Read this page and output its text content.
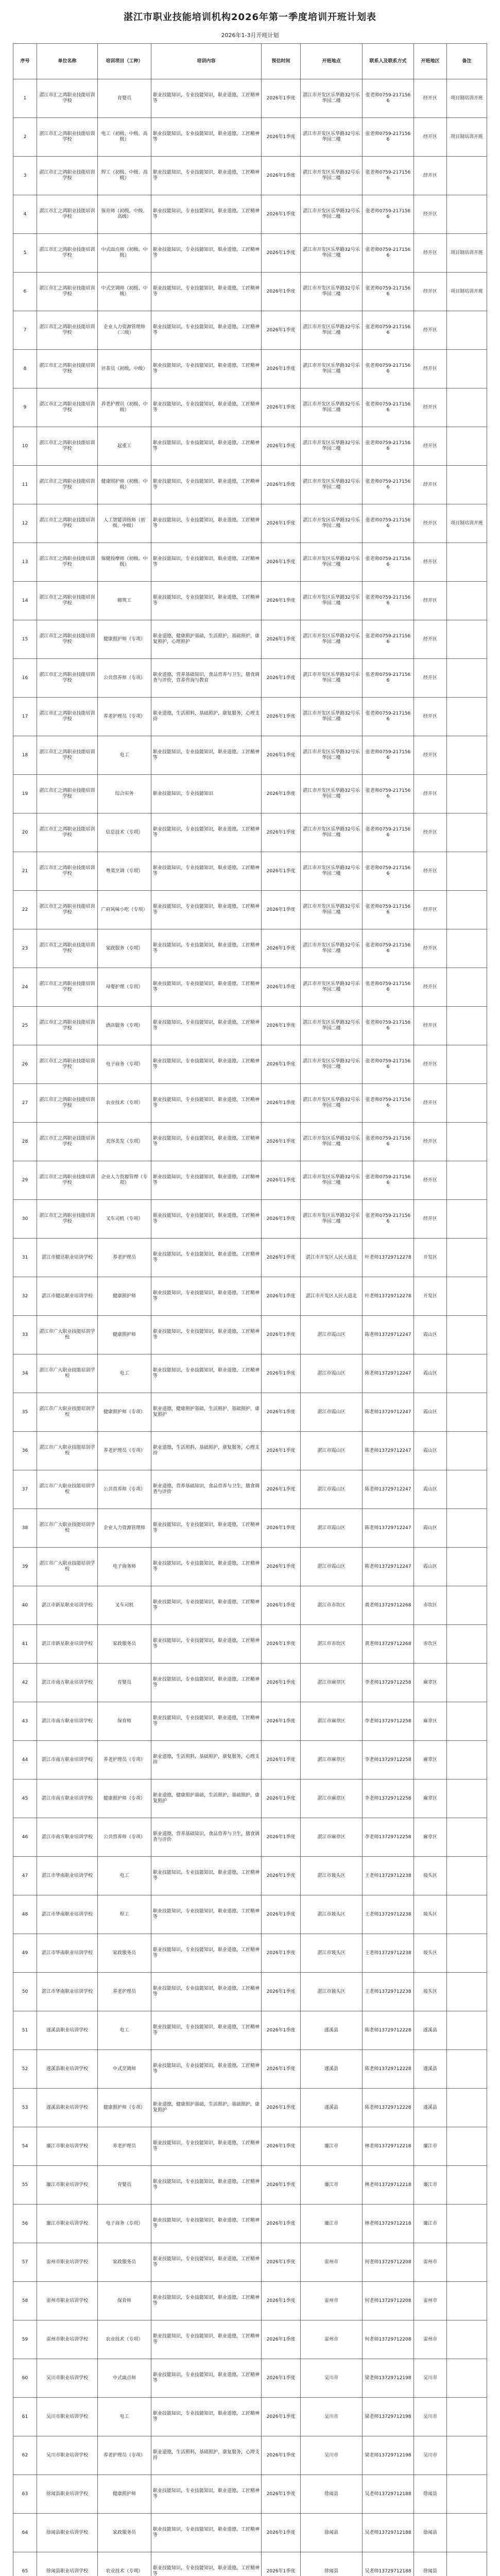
湛江市职业技能培训机构2026年第一季度培训开班计划表
2026年1-3月开班计划
序号	单位名称	培训项目（工种）	培训内容	预估时间	开班地点	联系人及联系方式	开班地区	备注
1	湛江市汇之鸿职业技能培训学校	育婴员	职业技能知识，专业技能知识，职业道德，工匠精神等	2026年1季度	湛江市开发区乐华路32号乐华园二楼	张老师0759-2171566	经开区	项目制培训开班
2	湛江市汇之鸿职业技能培训学校	电工（初级、中级、高级）	职业技能知识，专业技能知识，职业道德，工匠精神等	2026年1季度	湛江市开发区乐华路32号乐华园二楼	张老师0759-2171566	经开区	项目制培训开班
3	湛江市汇之鸿职业技能培训学校	焊工（初级、中级、高级）	职业技能知识，专业技能知识，职业道德，工匠精神等	2026年1季度	湛江市开发区乐华路32号乐华园二楼	张老师0759-2171566	经开区	
4	湛江市汇之鸿职业技能培训学校	保育师（初级、中级、高级）	职业技能知识，专业技能知识，职业道德，工匠精神等	2026年1季度	湛江市开发区乐华路32号乐华园二楼	张老师0759-2171566	经开区	
5	湛江市汇之鸿职业技能培训学校	中式面点师（初级、中级）	职业技能知识，专业技能知识，职业道德，工匠精神等	2026年1季度	湛江市开发区乐华路32号乐华园二楼	张老师0759-2171566	经开区	项目制培训开班
6	湛江市汇之鸿职业技能培训学校	中式烹调师（初级、中级）	职业技能知识，专业技能知识，职业道德，工匠精神等	2026年1季度	湛江市开发区乐华路32号乐华园二楼	张老师0759-2171566	经开区	项目制培训开班
7	湛江市汇之鸿职业技能培训学校	企业人力资源管理师（三级）	职业技能知识，专业技能知识，职业道德，工匠精神等	2026年1季度	湛江市开发区乐华路32号乐华园二楼	张老师0759-2171566	经开区	
8	湛江市汇之鸿职业技能培训学校	评茶员（初级、中级）	职业技能知识，专业技能知识，职业道德，工匠精神等	2026年1季度	湛江市开发区乐华路32号乐华园二楼	张老师0759-2171566	经开区	
9	湛江市汇之鸿职业技能培训学校	养老护理员（初级、中级）	职业技能知识，专业技能知识，职业道德，工匠精神等	2026年1季度	湛江市开发区乐华路32号乐华园二楼	张老师0759-2171566	经开区	
10	湛江市汇之鸿职业技能培训学校	起重工	职业技能知识，专业技能知识，职业道德，工匠精神等	2026年1季度	湛江市开发区乐华路32号乐华园二楼	张老师0759-2171566	经开区	
11	湛江市汇之鸿职业技能培训学校	健康照护师（初级、中级）	职业技能知识，专业技能知识，职业道德，工匠精神等	2026年1季度	湛江市开发区乐华路32号乐华园二楼	张老师0759-2171566	经开区	
12	湛江市汇之鸿职业技能培训学校	人工智能训练师（初级、中级）	职业技能知识，专业技能知识，职业道德，工匠精神等	2026年1季度	湛江市开发区乐华路32号乐华园二楼	张老师0759-2171566	经开区	项目制培训开班
13	湛江市汇之鸿职业技能培训学校	保健按摩师（初级、中级）	职业技能知识，专业技能知识，职业道德，工匠精神等	2026年1季度	湛江市开发区乐华路32号乐华园二楼	张老师0759-2171566	经开区	
14	湛江市汇之鸿职业技能培训学校	砌筑工	职业技能知识，专业技能知识，职业道德，工匠精神等	2026年1季度	湛江市开发区乐华路32号乐华园二楼	张老师0759-2171566	经开区	
15	湛江市汇之鸿职业技能培训学校	健康照护师（专项）	职业道德，健康照护基础，生活照护，基础照护，康复照护，心理照护	2026年1季度	湛江市开发区乐华路32号乐华园二楼	张老师0759-2171566	经开区	
16	湛江市汇之鸿职业技能培训学校	公共营养师（专项）	职业道德，营养基础知识，食品营养与卫生，膳食调查与评价，营养咨询与教育	2026年1季度	湛江市开发区乐华路32号乐华园二楼	张老师0759-2171566	经开区	
17	湛江市汇之鸿职业技能培训学校	养老护理员（专项）	职业道德，生活照料，基础照护，康复服务，心理支持	2026年1季度	湛江市开发区乐华路32号乐华园二楼	张老师0759-2171566	经开区	
18	湛江市汇之鸿职业技能培训学校	电工	职业技能知识，专业技能知识，职业道德，工匠精神等	2026年1季度	湛江市开发区乐华路32号乐华园二楼	张老师0759-2171566	经开区	
19	湛江市汇之鸿职业技能培训学校	综合实务	职业技能知识，专业技能知识	2026年1季度	湛江市开发区乐华路32号乐华园二楼	张老师0759-2171566	经开区	
20	湛江市汇之鸿职业技能培训学校	信息技术（专项）	职业技能知识，专业技能知识，职业道德，工匠精神等	2026年1季度	湛江市开发区乐华路32号乐华园二楼	张老师0759-2171566	经开区	
21	湛江市汇之鸿职业技能培训学校	粤菜烹调（专项）	职业技能知识，专业技能知识，职业道德，工匠精神等	2026年1季度	湛江市开发区乐华路32号乐华园二楼	张老师0759-2171566	经开区	
22	湛江市汇之鸿职业技能培训学校	广府风味小吃（专项）	职业技能知识，专业技能知识，职业道德，工匠精神等	2026年1季度	湛江市开发区乐华路32号乐华园二楼	张老师0759-2171566	经开区	
23	湛江市汇之鸿职业技能培训学校	家政服务（专项）	职业技能知识，专业技能知识，职业道德，工匠精神等	2026年1季度	湛江市开发区乐华路32号乐华园二楼	张老师0759-2171566	经开区	
24	湛江市汇之鸿职业技能培训学校	母婴护理（专项）	职业技能知识，专业技能知识，职业道德，工匠精神等	2026年1季度	湛江市开发区乐华路32号乐华园二楼	张老师0759-2171566	经开区	
25	湛江市汇之鸿职业技能培训学校	酒店服务（专项）	职业技能知识，专业技能知识，职业道德，工匠精神等	2026年1季度	湛江市开发区乐华路32号乐华园二楼	张老师0759-2171566	经开区	
26	湛江市汇之鸿职业技能培训学校	电子商务（专项）	职业技能知识，专业技能知识，职业道德，工匠精神等	2026年1季度	湛江市开发区乐华路32号乐华园二楼	张老师0759-2171566	经开区	
27	湛江市汇之鸿职业技能培训学校	农业技术（专项）	职业技能知识，专业技能知识，职业道德，工匠精神等	2026年1季度	湛江市开发区乐华路32号乐华园二楼	张老师0759-2171566	经开区	
28	湛江市汇之鸿职业技能培训学校	美容美发（专项）	职业技能知识，专业技能知识，职业道德，工匠精神等	2026年1季度	湛江市开发区乐华路32号乐华园二楼	张老师0759-2171566	经开区	
29	湛江市汇之鸿职业技能培训学校	企业人力资源管理（专项）	职业技能知识，专业技能知识，职业道德，工匠精神等	2026年1季度	湛江市开发区乐华路32号乐华园二楼	张老师0759-2171566	经开区	
30	湛江市汇之鸿职业技能培训学校	叉车司机（专项）	职业技能知识，专业技能知识，职业道德，工匠精神等	2026年1季度	湛江市开发区乐华路32号乐华园二楼	张老师0759-2171566	经开区	
31	湛江市健达职业培训学校	养老护理员	职业技能知识，专业技能知识，职业道德，工匠精神等	2026年1季度	湛江市开发区人民大道北	叶老师13729712278	开发区	
32	湛江市健达职业培训学校	健康照护师	职业技能知识，专业技能知识，职业道德，工匠精神等	2026年1季度	湛江市开发区人民大道北	叶老师13729712278	开发区	
33	湛江市广大职业技能培训学校	健康照护师	职业技能知识，专业技能知识，职业道德，工匠精神等	2026年1季度	湛江市霞山区	陈老师13729712247	霞山区	
34	湛江市广大职业技能培训学校	电工	职业技能知识，专业技能知识，职业道德，工匠精神等	2026年1季度	湛江市霞山区	陈老师13729712247	霞山区	
35	湛江市广大职业技能培训学校	健康照护师（专项）	职业道德，健康照护基础，生活照护，基础照护，康复照护	2026年1季度	湛江市霞山区	陈老师13729712247	霞山区	
36	湛江市广大职业技能培训学校	养老护理员（专项）	职业道德，生活照料，基础照护，康复服务，心理支持	2026年1季度	湛江市霞山区	陈老师13729712247	霞山区	
37	湛江市广大职业技能培训学校	公共营养师（专项）	职业道德，营养基础知识，食品营养与卫生，膳食调查与评价	2026年1季度	湛江市霞山区	陈老师13729712247	霞山区	
38	湛江市广大职业技能培训学校	企业人力资源管理师	职业技能知识，专业技能知识，职业道德，工匠精神等	2026年1季度	湛江市霞山区	陈老师13729712247	霞山区	
39	湛江市广大职业技能培训学校	电子商务师	职业技能知识，专业技能知识，职业道德，工匠精神等	2026年1季度	湛江市霞山区	陈老师13729712247	霞山区	
40	湛江市新星职业培训学校	叉车司机	职业技能知识，专业技能知识，职业道德，工匠精神等	2026年1季度	湛江市赤坎区	黄老师13729712268	赤坎区	
41	湛江市新星职业培训学校	家政服务员	职业技能知识，专业技能知识，职业道德，工匠精神等	2026年1季度	湛江市赤坎区	黄老师13729712268	赤坎区	
42	湛江市南方职业培训学校	育婴员	职业技能知识，专业技能知识，职业道德，工匠精神等	2026年1季度	湛江市麻章区	李老师13729712258	麻章区	
43	湛江市南方职业培训学校	保育师	职业技能知识，专业技能知识，职业道德，工匠精神等	2026年1季度	湛江市麻章区	李老师13729712258	麻章区	
44	湛江市南方职业培训学校	养老护理员（专项）	职业道德，生活照料，基础照护，康复服务，心理支持	2026年1季度	湛江市麻章区	李老师13729712258	麻章区	
45	湛江市南方职业培训学校	健康照护师（专项）	职业道德，健康照护基础，生活照护，基础照护，康复照护	2026年1季度	湛江市麻章区	李老师13729712258	麻章区	
46	湛江市南方职业培训学校	公共营养师（专项）	职业道德，营养基础知识，食品营养与卫生，膳食调查与评价	2026年1季度	湛江市麻章区	李老师13729712258	麻章区	
47	湛江市华南职业培训学校	电工	职业技能知识，专业技能知识，职业道德，工匠精神等	2026年1季度	湛江市坡头区	王老师13729712238	坡头区	
48	湛江市华南职业培训学校	焊工	职业技能知识，专业技能知识，职业道德，工匠精神等	2026年1季度	湛江市坡头区	王老师13729712238	坡头区	
49	湛江市华南职业培训学校	家政服务员	职业技能知识，专业技能知识，职业道德，工匠精神等	2026年1季度	湛江市坡头区	王老师13729712238	坡头区	
50	湛江市华南职业培训学校	养老护理员	职业技能知识，专业技能知识，职业道德，工匠精神等	2026年1季度	湛江市坡头区	王老师13729712238	坡头区	
51	遂溪县职业培训学校	电工	职业技能知识，专业技能知识，职业道德，工匠精神等	2026年1季度	遂溪县	陈老师13729712228	遂溪县	
52	遂溪县职业培训学校	中式烹调师	职业技能知识，专业技能知识，职业道德，工匠精神等	2026年1季度	遂溪县	陈老师13729712228	遂溪县	
53	遂溪县职业培训学校	健康照护师（专项）	职业道德，健康照护基础，生活照护，基础照护，康复照护	2026年1季度	遂溪县	陈老师13729712228	遂溪县	
54	廉江市职业培训学校	养老护理员	职业技能知识，专业技能知识，职业道德，工匠精神等	2026年1季度	廉江市	林老师13729712218	廉江市	
55	廉江市职业培训学校	育婴员	职业技能知识，专业技能知识，职业道德，工匠精神等	2026年1季度	廉江市	林老师13729712218	廉江市	
56	廉江市职业培训学校	电子商务（专项）	职业技能知识，专业技能知识，职业道德，工匠精神等	2026年1季度	廉江市	林老师13729712218	廉江市	
57	雷州市职业培训学校	家政服务员	职业技能知识，专业技能知识，职业道德，工匠精神等	2026年1季度	雷州市	何老师13729712208	雷州市	
58	雷州市职业培训学校	保育师	职业技能知识，专业技能知识，职业道德，工匠精神等	2026年1季度	雷州市	何老师13729712208	雷州市	
59	雷州市职业培训学校	农业技术（专项）	职业技能知识，专业技能知识，职业道德，工匠精神等	2026年1季度	雷州市	何老师13729712208	雷州市	
60	吴川市职业培训学校	中式面点师	职业技能知识，专业技能知识，职业道德，工匠精神等	2026年1季度	吴川市	梁老师13729712198	吴川市	
61	吴川市职业培训学校	电工	职业技能知识，专业技能知识，职业道德，工匠精神等	2026年1季度	吴川市	梁老师13729712198	吴川市	
62	吴川市职业培训学校	养老护理员（专项）	职业道德，生活照料，基础照护，康复服务，心理支持	2026年1季度	吴川市	梁老师13729712198	吴川市	
63	徐闻县职业培训学校	健康照护师	职业技能知识，专业技能知识，职业道德，工匠精神等	2026年1季度	徐闻县	吴老师13729712188	徐闻县	
64	徐闻县职业培训学校	家政服务员	职业技能知识，专业技能知识，职业道德，工匠精神等	2026年1季度	徐闻县	吴老师13729712188	徐闻县	
65	徐闻县职业培训学校	农业技术（专项）	职业技能知识，专业技能知识，职业道德，工匠精神等	2026年1季度	徐闻县	吴老师13729712188	徐闻县	
